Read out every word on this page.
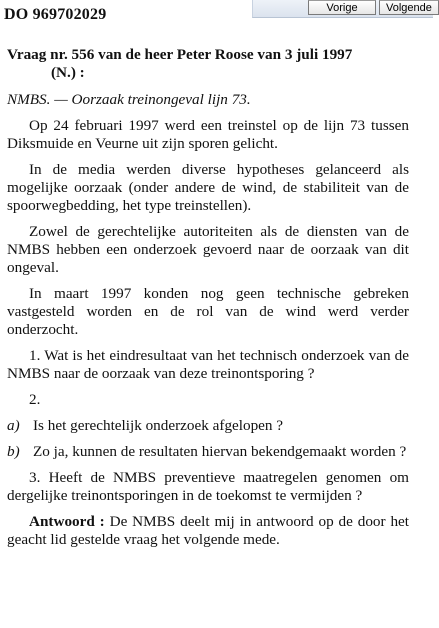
DO 969702029	Vorige	Volgende
Vraag nr. 556 van de heer Peter Roose van 3 juli 1997
(N.) :
NMBS. — Oorzaak treinongeval lijn 73.

Op 24 februari 1997 werd een treinstel op de lijn 73 tussen Diksmuide en Veurne uit zijn sporen gelicht.

In de media werden diverse hypotheses gelanceerd als mogelijke oorzaak (onder andere de wind, de stabiliteit van de spoorwegbedding, het type treinstellen).

Zowel de gerechtelijke autoriteiten als de diensten van de NMBS hebben een onderzoek gevoerd naar de oorzaak van dit ongeval.

In maart 1997 konden nog geen technische gebreken vastgesteld worden en de rol van de wind werd verder onderzocht.

1. Wat is het eindresultaat van het technisch onderzoek van de NMBS naar de oorzaak van deze treinontsporing ?

2.
a) Is het gerechtelijk onderzoek afgelopen ?
b) Zo ja, kunnen de resultaten hiervan bekendgemaakt worden ?

3. Heeft de NMBS preventieve maatregelen genomen om dergelijke treinontsporingen in de toekomst te vermijden ?

Antwoord : De NMBS deelt mij in antwoord op de door het geacht lid gestelde vraag het volgende mede.
